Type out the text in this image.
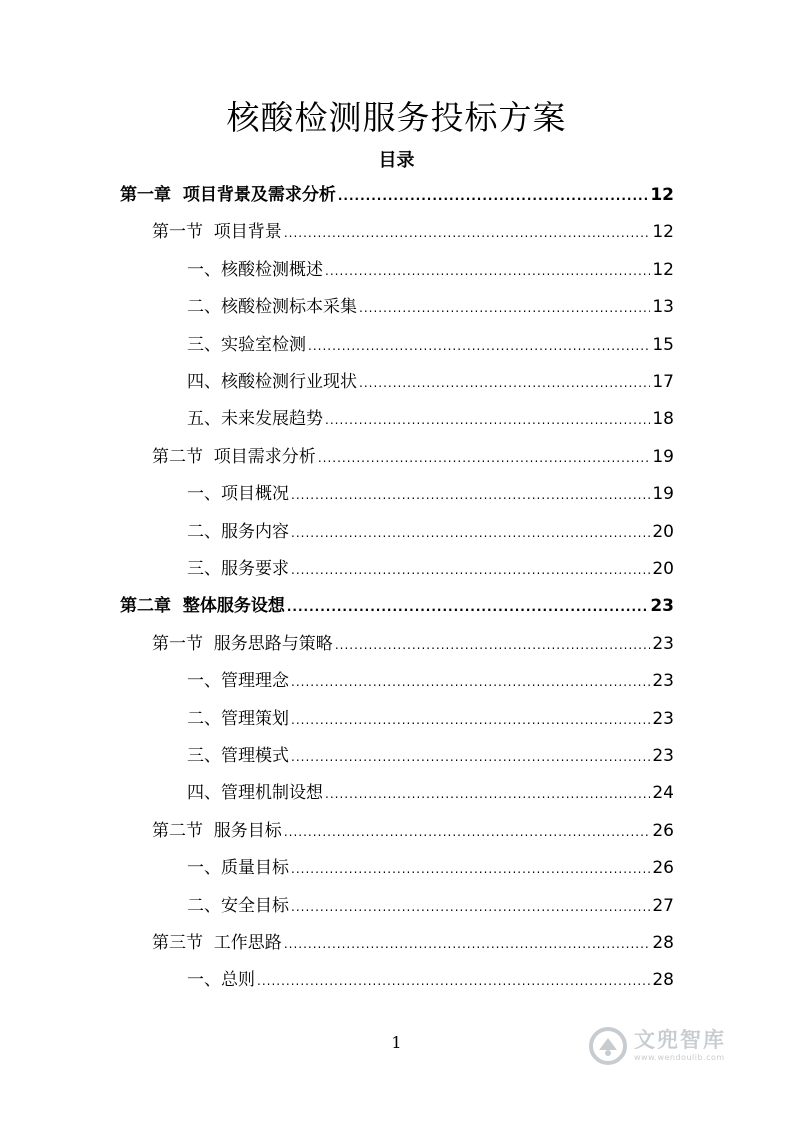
核酸检测服务投标方案
目录
第一章  项目背景及需求分析 .....	12
第一节  项目背景 .....	12
一、核酸检测概述 .....	12
二、核酸检测标本采集 .....	13
三、实验室检测 .....	15
四、核酸检测行业现状 .....	17
五、未来发展趋势 .....	18
第二节  项目需求分析 .....	19
一、项目概况 .....	19
二、服务内容 .....	20
三、服务要求 .....	20
第二章  整体服务设想 .....	23
第一节  服务思路与策略 .....	23
一、管理理念 .....	23
二、管理策划 .....	23
三、管理模式 .....	23
四、管理机制设想 .....	24
第二节  服务目标 .....	26
一、质量目标 .....	26
二、安全目标 .....	27
第三节  工作思路 .....	28
一、总则 .....	28
1	文兜智库
www.wendoulib.com
